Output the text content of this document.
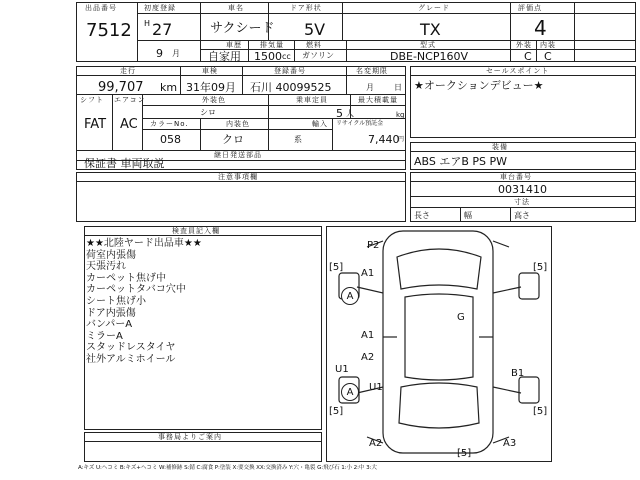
出品番号
7512
初度登録
H 27
9 月
車名
サクシード
ドア形状
5V
グレード
TX
評価点
4
車歴
自家用
排気量
1500 cc
燃料
ガソリン
型式
DBE-NCP160V
外装
C
内装
C
走行
99,707 km
車検
31年09月
登録番号
石川 40099525
名変期限
月	日
セールスポイント
★オークションデビュー★
シフト
FAT
エアコン
AC
外装色
シロ
カラーNo.	内装色
058	クロ	系
乗車定員
5 人
輸入
最大積載量
kg
リサイクル預託金
7,440
円
継日発送部品
保証書 車両取説
装備
ABS エアB PS PW
注意事項欄	車台番号
0031410
寸法
長さ	幅	高さ
検査員記入欄
★★北陸ヤード出品車★★
荷室内張傷
天張汚れ
カーペット焦げ中
カーペットタバコ穴中
シート焦げ小
ドア内張傷
バンパーA
ミラーA
スタッドレスタイヤ
社外アルミホイール
事務局よりご案内
P2
A1
A
A1
G
A2
U1
A	U1
B1
A2	A3
[5]	[5]
[5]	[5]
[5]
A:キズ U:ヘコミ B:キズ+ヘコミ W:補修跡 S:錆 C:腐食 P:塗装 X:要交換 XX:交換済み Y:穴・亀裂 G:飛び石 1:小 2:中 3:大
